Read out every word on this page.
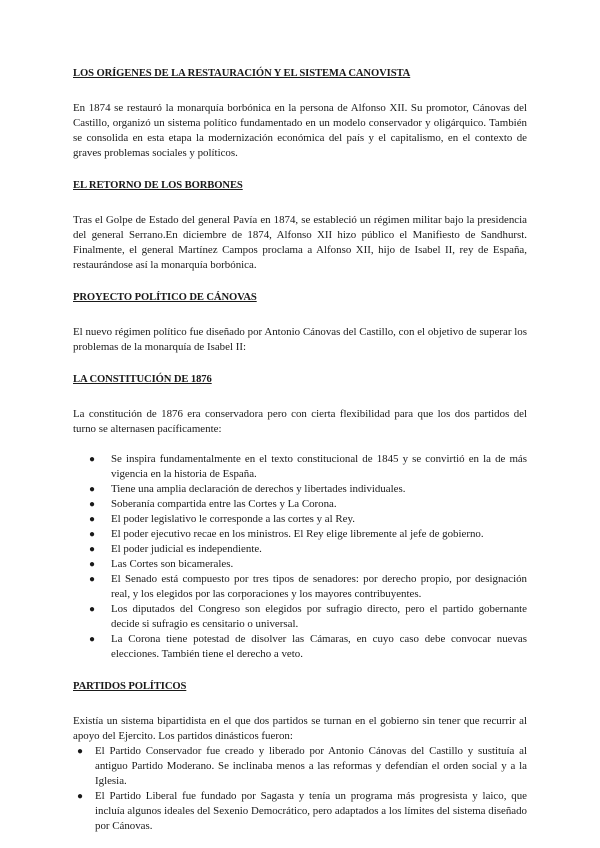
LOS ORÍGENES DE LA RESTAURACIÓN Y EL SISTEMA CANOVISTA

En 1874 se restauró la monarquía borbónica en la persona de Alfonso XII. Su promotor, Cánovas del Castillo, organizó un sistema político fundamentado en un modelo conservador y oligárquico. También se consolida en esta etapa la modernización económica del país y el capitalismo, en el contexto de graves problemas sociales y políticos.

EL RETORNO DE LOS BORBONES

Tras el Golpe de Estado del general Pavía en 1874, se estableció un régimen militar bajo la presidencia del general Serrano.En diciembre de 1874, Alfonso XII hizo público el Manifiesto de Sandhurst. Finalmente, el general Martínez Campos proclama a Alfonso XII, hijo de Isabel II, rey de España, restaurándose así la monarquía borbónica.

PROYECTO POLÍTICO DE CÁNOVAS

El nuevo régimen político fue diseñado por Antonio Cánovas del Castillo, con el objetivo de superar los problemas de la monarquía de Isabel II:

LA CONSTITUCIÓN DE 1876

La constitución de 1876 era conservadora pero con cierta flexibilidad para que los dos partidos del turno se alternasen pacíficamente:

● Se inspira fundamentalmente en el texto constitucional de 1845 y se convirtió en la de más vigencia en la historia de España.
● Tiene una amplia declaración de derechos y libertades individuales.
● Soberanía compartida entre las Cortes y La Corona.
● El poder legislativo le corresponde a las cortes y al Rey.
● El poder ejecutivo recae en los ministros. El Rey elige libremente al jefe de gobierno.
● El poder judicial es independiente.
● Las Cortes son bicamerales.
● El Senado está compuesto por tres tipos de senadores: por derecho propio, por designación real, y los elegidos por las corporaciones y los mayores contribuyentes.
● Los diputados del Congreso son elegidos por sufragio directo, pero el partido gobernante decide si sufragio es censitario o universal.
● La Corona tiene potestad de disolver las Cámaras, en cuyo caso debe convocar nuevas elecciones. También tiene el derecho a veto.

PARTIDOS POLÍTICOS

Existía un sistema bipartidista en el que dos partidos se turnan en el gobierno sin tener que recurrir al apoyo del Ejercito. Los partidos dinásticos fueron:

● El Partido Conservador fue creado y liberado por Antonio Cánovas del Castillo y sustituía al antiguo Partido Moderano. Se inclinaba menos a las reformas y defendían el orden social y a la Iglesia.
● El Partido Liberal fue fundado por Sagasta y tenía un programa más progresista y laico, que incluía algunos ideales del Sexenio Democrático, pero adaptados a los límites del sistema diseñado por Cánovas.
